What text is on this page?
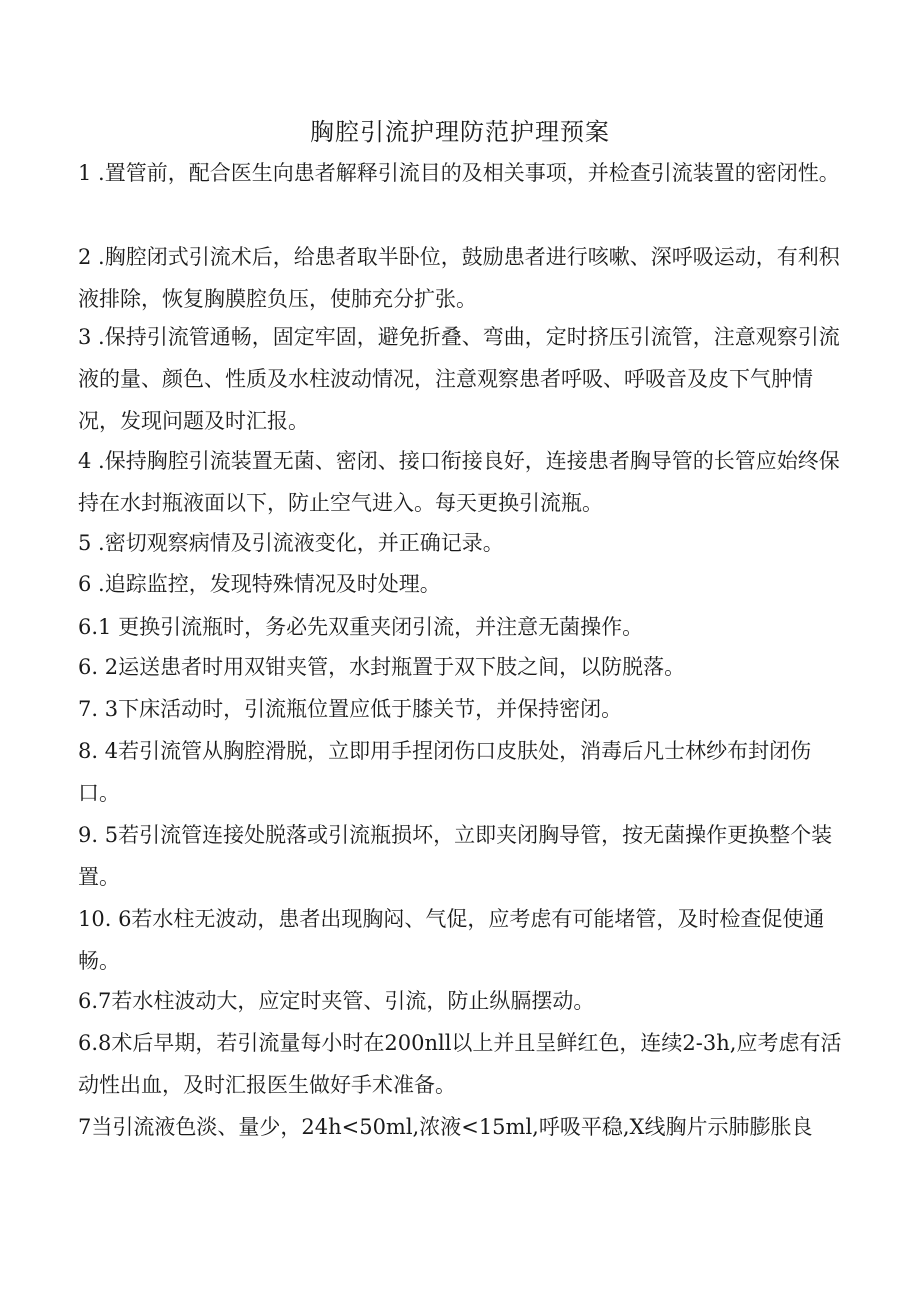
胸腔引流护理防范护理预案

1 .置管前，配合医生向患者解释引流目的及相关事项，并检查引流装置的密闭性。

2 .胸腔闭式引流术后，给患者取半卧位，鼓励患者进行咳嗽、深呼吸运动，有利积液排除，恢复胸膜腔负压，使肺充分扩张。

3 .保持引流管通畅，固定牢固，避免折叠、弯曲，定时挤压引流管，注意观察引流液的量、颜色、性质及水柱波动情况，注意观察患者呼吸、呼吸音及皮下气肿情况，发现问题及时汇报。

4 .保持胸腔引流装置无菌、密闭、接口衔接良好，连接患者胸导管的长管应始终保持在水封瓶液面以下，防止空气进入。每天更换引流瓶。

5 .密切观察病情及引流液变化，并正确记录。

6 .追踪监控，发现特殊情况及时处理。

6.1 更换引流瓶时，务必先双重夹闭引流，并注意无菌操作。

6. 2运送患者时用双钳夹管，水封瓶置于双下肢之间，以防脱落。

7. 3下床活动时，引流瓶位置应低于膝关节，并保持密闭。

8. 4若引流管从胸腔滑脱，立即用手捏闭伤口皮肤处，消毒后凡士林纱布封闭伤口。

9. 5若引流管连接处脱落或引流瓶损坏，立即夹闭胸导管，按无菌操作更换整个装置。

10. 6若水柱无波动，患者出现胸闷、气促，应考虑有可能堵管，及时检查促使通畅。

6.7若水柱波动大，应定时夹管、引流，防止纵膈摆动。

6.8术后早期，若引流量每小时在200nll以上并且呈鲜红色，连续2-3h,应考虑有活动性出血，及时汇报医生做好手术准备。

7当引流液色淡、量少，24h<50ml,浓液<15ml,呼吸平稳,X线胸片示肺膨胀良
